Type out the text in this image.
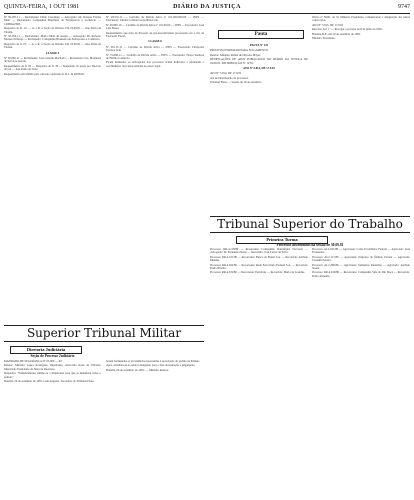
QUINTA-FEIRA, 1 OUT 1981	DIÁRIO DA JUSTIÇA	9747

Nº 50.187-11 — Reclamante: Dúlio Casaringe — Advogado: Dr. Robson Freitas Melo — Reclamado: Companhia Brasileira de Entrepostos e Comércio — COBRAZEM.

Despacho do R. 12. — A. e R. à Seção de Dúvida. Em 23.09.81 — Ana Sílvia de Thomé.

Nº 50.184-11 — Reclamante: Maria Nilda de Araújo — Advogado: Dr. Roberto Moraes Nóbrega — Reclamado: Companhia Brasileira de Entrepostos e Comércio.

Despacho de fl. 07. — A. e R. à Seção de Dúvida. Em 23.09.81 — Ana Sílvia de Thomé.

CLASSE 5

Nº 50.060-11 — Reclamante: José Grisolia Machado — Reclamado: Cia. Brasileira de Serviços Gerais.

Requerimento de fl. 65 — Despacho de fl. 30 — Suspensão do prazo por Decreto de Lei — Ana Paula de Lima.

Requerimento em trâmite pelo cartório conforme do D.J. de 28.08.81.

Nº 28.555-11 — Certidão de Dívida Ativa nº 101.000.000.00 — INPS — Executado: Unidas Colônia Leopoldina Ltda.

Nº 29.800-10 — Certidão de Dívida Ativa nº 101.00.00 — INPS — Executado: José Luiz Bauer.

Requerimento que trata da Exceção de pré-executividade processada sob o rito da Execução Fiscal.

CLASSE 6

Nº 30.115-11 — Certidão de Dívida Ativa — INPS — Executado: Petrópolis Tecidos Ltda.

Nº 31.008-11 — Certidão de Dívida Ativa — INPS — Executado: Nossa Senhora de Fátima Comércio.

Ficam intimados os Advogados dos processos acima indicados a efetuarem o recolhimento das custas devidas no prazo legal.

Pauta

PAUTA Nº 122

PROCESSO FORMADO PARA JULGAMENTO

Relator: Ministro Rafael de Oliveira Mayer.

RETIFICAÇÕES DE ATOS PUBLICADOS NO DIÁRIO DA JUSTIÇA DE 29.09.81, DISTRIBUIÇÃO Nº 12/81.

ATO Nº 5.814, DE 17.9.81

ATO Nº 5.814, DE 17.9.81

Ata de Distribuição de processos.

Tribunal Pleno — Sessão de 30 de setembro.

Ofício nº 56/81, do Sr. Ministro Presidente, comunicando a designação dos juízes convocados.

ATO Nº 5.815, DE 17.9.81

Resolve: Art. 1º — Revogar a portaria de 8 de julho de 1981.

Brasília-D.F., em 29 de setembro de 1981.

Ministro Presidente.

Tribunal Superior do Trabalho
Primeira Turma
Processos distribuídos na sessão de 30.09.81

Processo: RR-4.118/80 — Recorrente: Companhia Siderúrgica Nacional — Advogado: Dr. Fernando Neves — Recorrido: José Carlos da Silva.

Processo: RR-4.231/80 — Recorrente: Banco do Brasil S.A. — Recorrido: Antônio Mendes.

Processo: RR-4.402/80 — Recorrente: Rede Ferroviária Federal S.A. — Recorrido: Paulo Ribeiro.

Processo: RR-4.519/80 — Recorrente: Petrobrás — Recorrido: Maria de Lourdes.

Processo: AI-2.041/80 — Agravante: Caixa Econômica Federal — Agravado: Luiz Fernandes.

Processo: AI-2.117/80 — Agravante: Empresa de Ônibus Estrela — Agravado: Joaquim Pereira.

Processo: AI-2.306/80 — Agravante: Indústrias Reunidas — Agravado: Antônio Souza.

Processo: RR-4.610/80 — Recorrente: Companhia Vale do Rio Doce — Recorrido: Pedro Almeida.

Superior Tribunal Militar
Diretoria Judiciária
Seção de Processo Judiciário

MANDADO DE SEGURANÇA Nº 05.000 — RJ

Relator: Ministro Lauro Rodrigues. Impetrante: Ariovaldo Assis de Oliveira. Impetrado: Presidente da Junta de Recursos.

Despacho: "Primeiramente, intime-se o impetrante para que se manifeste sobre o pedido."

Brasília, 26 de setembro de 1981. Luiz Augusto, Secretário do Tribunal Pleno.

Sejam formuladas as providências necessárias à apreciação do pedido de liminar.

Após, distribua-se ao relator designado para a fase de instrução e julgamento.

Brasília, 29 de setembro de 1981. — Ministro Relator.
